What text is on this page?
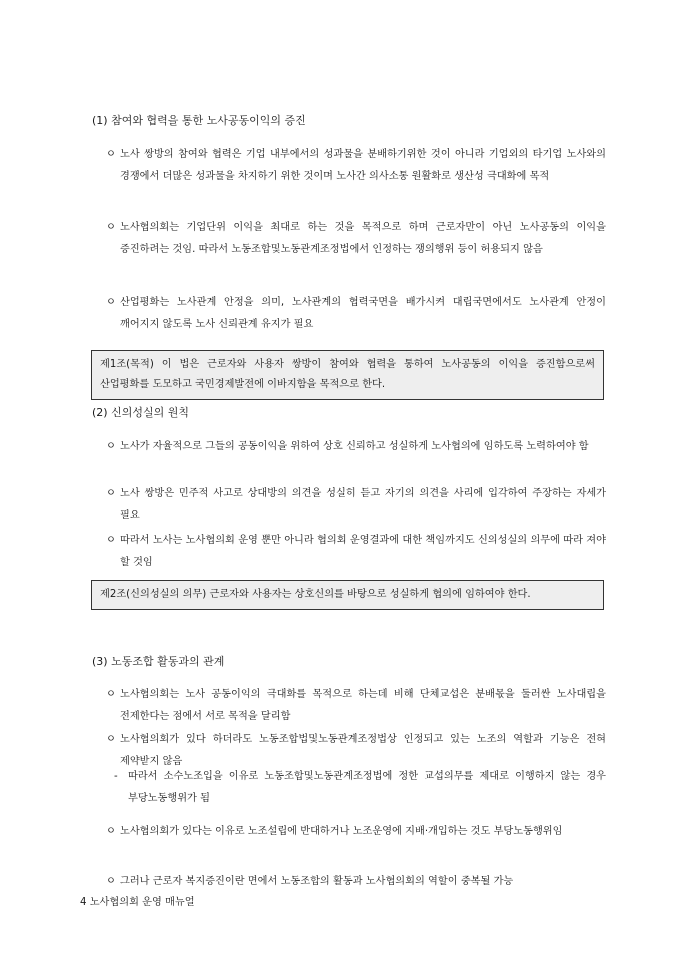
(1) 참여와 협력을 통한 노사공동이익의 증진
ㅇ 노사 쌍방의 참여와 협력은 기업 내부에서의 성과물을 분배하기위한 것이 아니라 기업외의 타기업 노사와의 경쟁에서 더많은 성과물을 차지하기 위한 것이며 노사간 의사소통 원활화로 생산성 극대화에 목적
ㅇ 노사협의회는 기업단위 이익을 최대로 하는 것을 목적으로 하며 근로자만이 아닌 노사공동의 이익을 증진하려는 것임. 따라서 노동조합및노동관계조정법에서 인정하는 쟁의행위 등이 허용되지 않음
ㅇ 산업평화는 노사관계 안정을 의미, 노사관계의 협력국면을 배가시켜 대립국면에서도 노사관계 안정이 깨어지지 않도록 노사 신뢰관계 유지가 필요
제1조(목적) 이 법은 근로자와 사용자 쌍방이 참여와 협력을 통하여 노사공동의 이익을 증진함으로써 산업평화를 도모하고 국민경제발전에 이바지함을 목적으로 한다.
(2) 신의성실의 원칙
ㅇ 노사가 자율적으로 그들의 공동이익을 위하여 상호 신뢰하고 성실하게 노사협의에 임하도록 노력하여야 함
ㅇ 노사 쌍방은 민주적 사고로 상대방의 의견을 성실히 듣고 자기의 의견을 사리에 입각하여 주장하는 자세가 필요
ㅇ 따라서 노사는 노사협의회 운영 뿐만 아니라 협의회 운영결과에 대한 책임까지도 신의성실의 의무에 따라 져야 할 것임
제2조(신의성실의 의무) 근로자와 사용자는 상호신의를 바탕으로 성실하게 협의에 임하여야 한다.
(3) 노동조합 활동과의 관계
ㅇ 노사협의회는 노사 공동이익의 극대화를 목적으로 하는데 비해 단체교섭은 분배몫을 둘러싼 노사대립을 전제한다는 점에서 서로 목적을 달리함
ㅇ 노사협의회가 있다 하더라도 노동조합법및노동관계조정법상 인정되고 있는 노조의 역할과 기능은 전혀 제약받지 않음
-	따라서 소수노조입을 이유로 노동조합및노동관계조정법에 정한 교섭의무를 제대로 이행하지 않는 경우 부당노동행위가 됨
ㅇ 노사협의회가 있다는 이유로 노조설립에 반대하거나 노조운영에 지배·개입하는 것도 부당노동행위임
ㅇ 그러나 근로자 복지증진이란 면에서 노동조합의 활동과 노사협의회의 역할이 중복될 가능
4 노사협의회 운영 매뉴얼
